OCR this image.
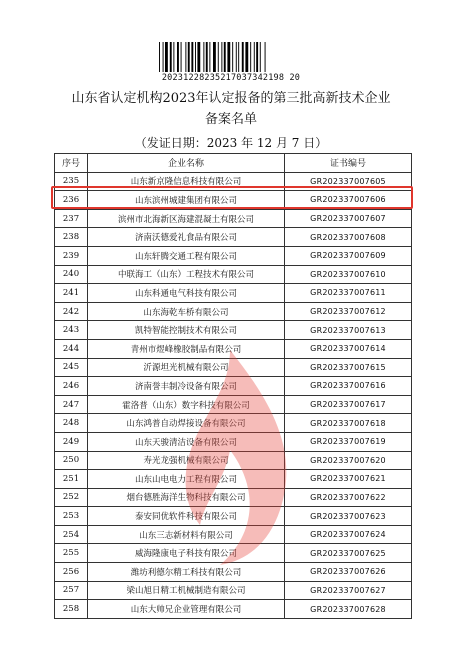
20231228235217037342198 20
山东省认定机构2023年认定报备的第三批高新技术企业
备案名单
（发证日期：2023 年 12 月 7 日）
序号	企业名称	证书编号
235	山东新京隆信息科技有限公司	GR202337007605
236	山东滨州城建集团有限公司	GR202337007606
237	滨州市北海新区海建混凝土有限公司	GR202337007607
238	济南沃德爱礼食品有限公司	GR202337007608
239	山东轩腾交通工程有限公司	GR202337007609
240	中联海工（山东）工程技术有限公司	GR202337007610
241	山东科通电气科技有限公司	GR202337007611
242	山东海乾车桥有限公司	GR202337007612
243	凯特智能控制技术有限公司	GR202337007613
244	青州市煜峰橡胶制品有限公司	GR202337007614
245	沂源坦光机械有限公司	GR202337007615
246	济南誉丰制冷设备有限公司	GR202337007616
247	霍洛普（山东）数字科技有限公司	GR202337007617
248	山东鸿普自动焊接设备有限公司	GR202337007618
249	山东天骏清洁设备有限公司	GR202337007619
250	寿光龙强机械有限公司	GR202337007620
251	山东山电电力工程有限公司	GR202337007621
252	烟台德胜海洋生物科技有限公司	GR202337007622
253	泰安同优软件科技有限公司	GR202337007623
254	山东三志新材料有限公司	GR202337007624
255	威海隆康电子科技有限公司	GR202337007625
256	潍坊利德尔精工科技有限公司	GR202337007626
257	梁山旭日精工机械制造有限公司	GR202337007627
258	山东大帅兄企业管理有限公司	GR202337007628
